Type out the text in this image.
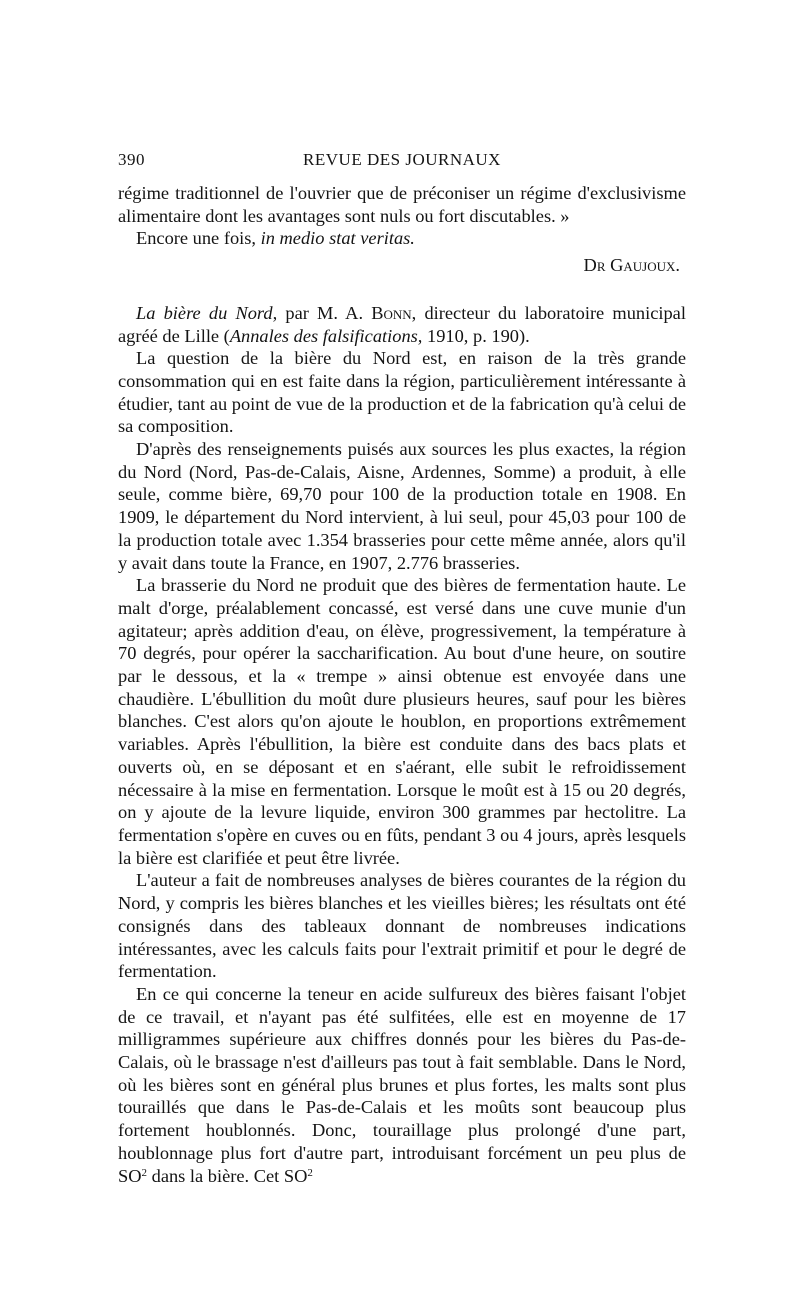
390	REVUE DES JOURNAUX

régime traditionnel de l'ouvrier que de préconiser un régime d'exclusivisme alimentaire dont les avantages sont nuls ou fort discutables. »

Encore une fois, in medio stat veritas.

Dr Gaujoux.

La bière du Nord, par M. A. Bonn, directeur du laboratoire municipal agréé de Lille (Annales des falsifications, 1910, p. 190).

La question de la bière du Nord est, en raison de la très grande consommation qui en est faite dans la région, particulièrement intéressante à étudier, tant au point de vue de la production et de la fabrication qu'à celui de sa composition.

D'après des renseignements puisés aux sources les plus exactes, la région du Nord (Nord, Pas-de-Calais, Aisne, Ardennes, Somme) a produit, à elle seule, comme bière, 69,70 pour 100 de la production totale en 1908. En 1909, le département du Nord intervient, à lui seul, pour 45,03 pour 100 de la production totale avec 1.354 brasseries pour cette même année, alors qu'il y avait dans toute la France, en 1907, 2.776 brasseries.

La brasserie du Nord ne produit que des bières de fermentation haute. Le malt d'orge, préalablement concassé, est versé dans une cuve munie d'un agitateur; après addition d'eau, on élève, progressivement, la température à 70 degrés, pour opérer la saccharification. Au bout d'une heure, on soutire par le dessous, et la « trempe » ainsi obtenue est envoyée dans une chaudière. L'ébullition du moût dure plusieurs heures, sauf pour les bières blanches. C'est alors qu'on ajoute le houblon, en proportions extrêmement variables. Après l'ébullition, la bière est conduite dans des bacs plats et ouverts où, en se déposant et en s'aérant, elle subit le refroidissement nécessaire à la mise en fermentation. Lorsque le moût est à 15 ou 20 degrés, on y ajoute de la levure liquide, environ 300 grammes par hectolitre. La fermentation s'opère en cuves ou en fûts, pendant 3 ou 4 jours, après lesquels la bière est clarifiée et peut être livrée.

L'auteur a fait de nombreuses analyses de bières courantes de la région du Nord, y compris les bières blanches et les vieilles bières; les résultats ont été consignés dans des tableaux donnant de nombreuses indications intéressantes, avec les calculs faits pour l'extrait primitif et pour le degré de fermentation.

En ce qui concerne la teneur en acide sulfureux des bières faisant l'objet de ce travail, et n'ayant pas été sulfitées, elle est en moyenne de 17 milligrammes supérieure aux chiffres donnés pour les bières du Pas-de-Calais, où le brassage n'est d'ailleurs pas tout à fait semblable. Dans le Nord, où les bières sont en général plus brunes et plus fortes, les malts sont plus touraillés que dans le Pas-de-Calais et les moûts sont beaucoup plus fortement houblonnés. Donc, touraillage plus prolongé d'une part, houblonnage plus fort d'autre part, introduisant forcément un peu plus de $SO^2$ dans la bière. Cet $SO^2$
